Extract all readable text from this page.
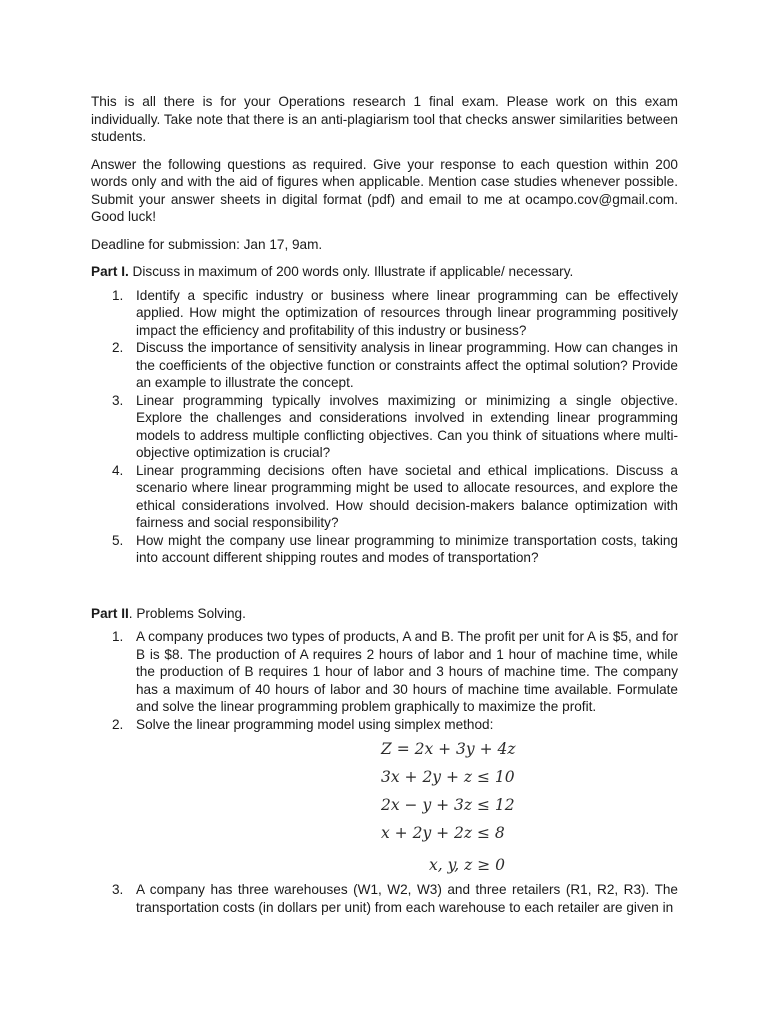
This is all there is for your Operations research 1 final exam. Please work on this exam individually. Take note that there is an anti-plagiarism tool that checks answer similarities between students.

Answer the following questions as required. Give your response to each question within 200 words only and with the aid of figures when applicable. Mention case studies whenever possible. Submit your answer sheets in digital format (pdf) and email to me at ocampo.cov@gmail.com. Good luck!

Deadline for submission: Jan 17, 9am.

Part I. Discuss in maximum of 200 words only. Illustrate if applicable/ necessary.

1. Identify a specific industry or business where linear programming can be effectively applied. How might the optimization of resources through linear programming positively impact the efficiency and profitability of this industry or business?
2. Discuss the importance of sensitivity analysis in linear programming. How can changes in the coefficients of the objective function or constraints affect the optimal solution? Provide an example to illustrate the concept.
3. Linear programming typically involves maximizing or minimizing a single objective. Explore the challenges and considerations involved in extending linear programming models to address multiple conflicting objectives. Can you think of situations where multi-objective optimization is crucial?
4. Linear programming decisions often have societal and ethical implications. Discuss a scenario where linear programming might be used to allocate resources, and explore the ethical considerations involved. How should decision-makers balance optimization with fairness and social responsibility?
5. How might the company use linear programming to minimize transportation costs, taking into account different shipping routes and modes of transportation?

Part II. Problems Solving.

1. A company produces two types of products, A and B. The profit per unit for A is $5, and for B is $8. The production of A requires 2 hours of labor and 1 hour of machine time, while the production of B requires 1 hour of labor and 3 hours of machine time. The company has a maximum of 40 hours of labor and 30 hours of machine time available. Formulate and solve the linear programming problem graphically to maximize the profit.
2. Solve the linear programming model using simplex method:
Z = 2x + 3y + 4z
3x + 2y + z ≤ 10
2x − y + 3z ≤ 12
x + 2y + 2z ≤ 8
x, y, z ≥ 0
3. A company has three warehouses (W1, W2, W3) and three retailers (R1, R2, R3). The transportation costs (in dollars per unit) from each warehouse to each retailer are given in
